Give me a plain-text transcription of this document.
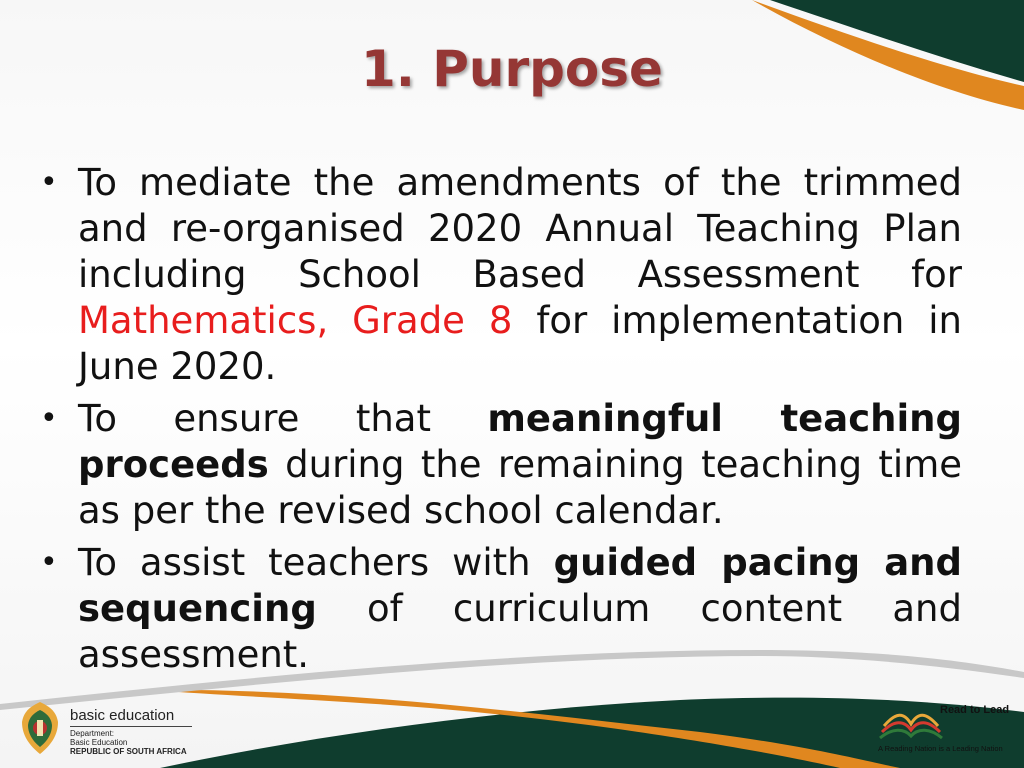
1. Purpose
• To mediate the amendments of the trimmed and re-organised 2020 Annual Teaching Plan including School Based Assessment for Mathematics, Grade 8 for implementation in June 2020.
• To ensure that meaningful teaching proceeds during the remaining teaching time as per the revised school calendar.
• To assist teachers with guided pacing and sequencing of curriculum content and assessment.
basic education
Department:
Basic Education
REPUBLIC OF SOUTH AFRICA
Read to Lead
A Reading Nation is a Leading Nation
